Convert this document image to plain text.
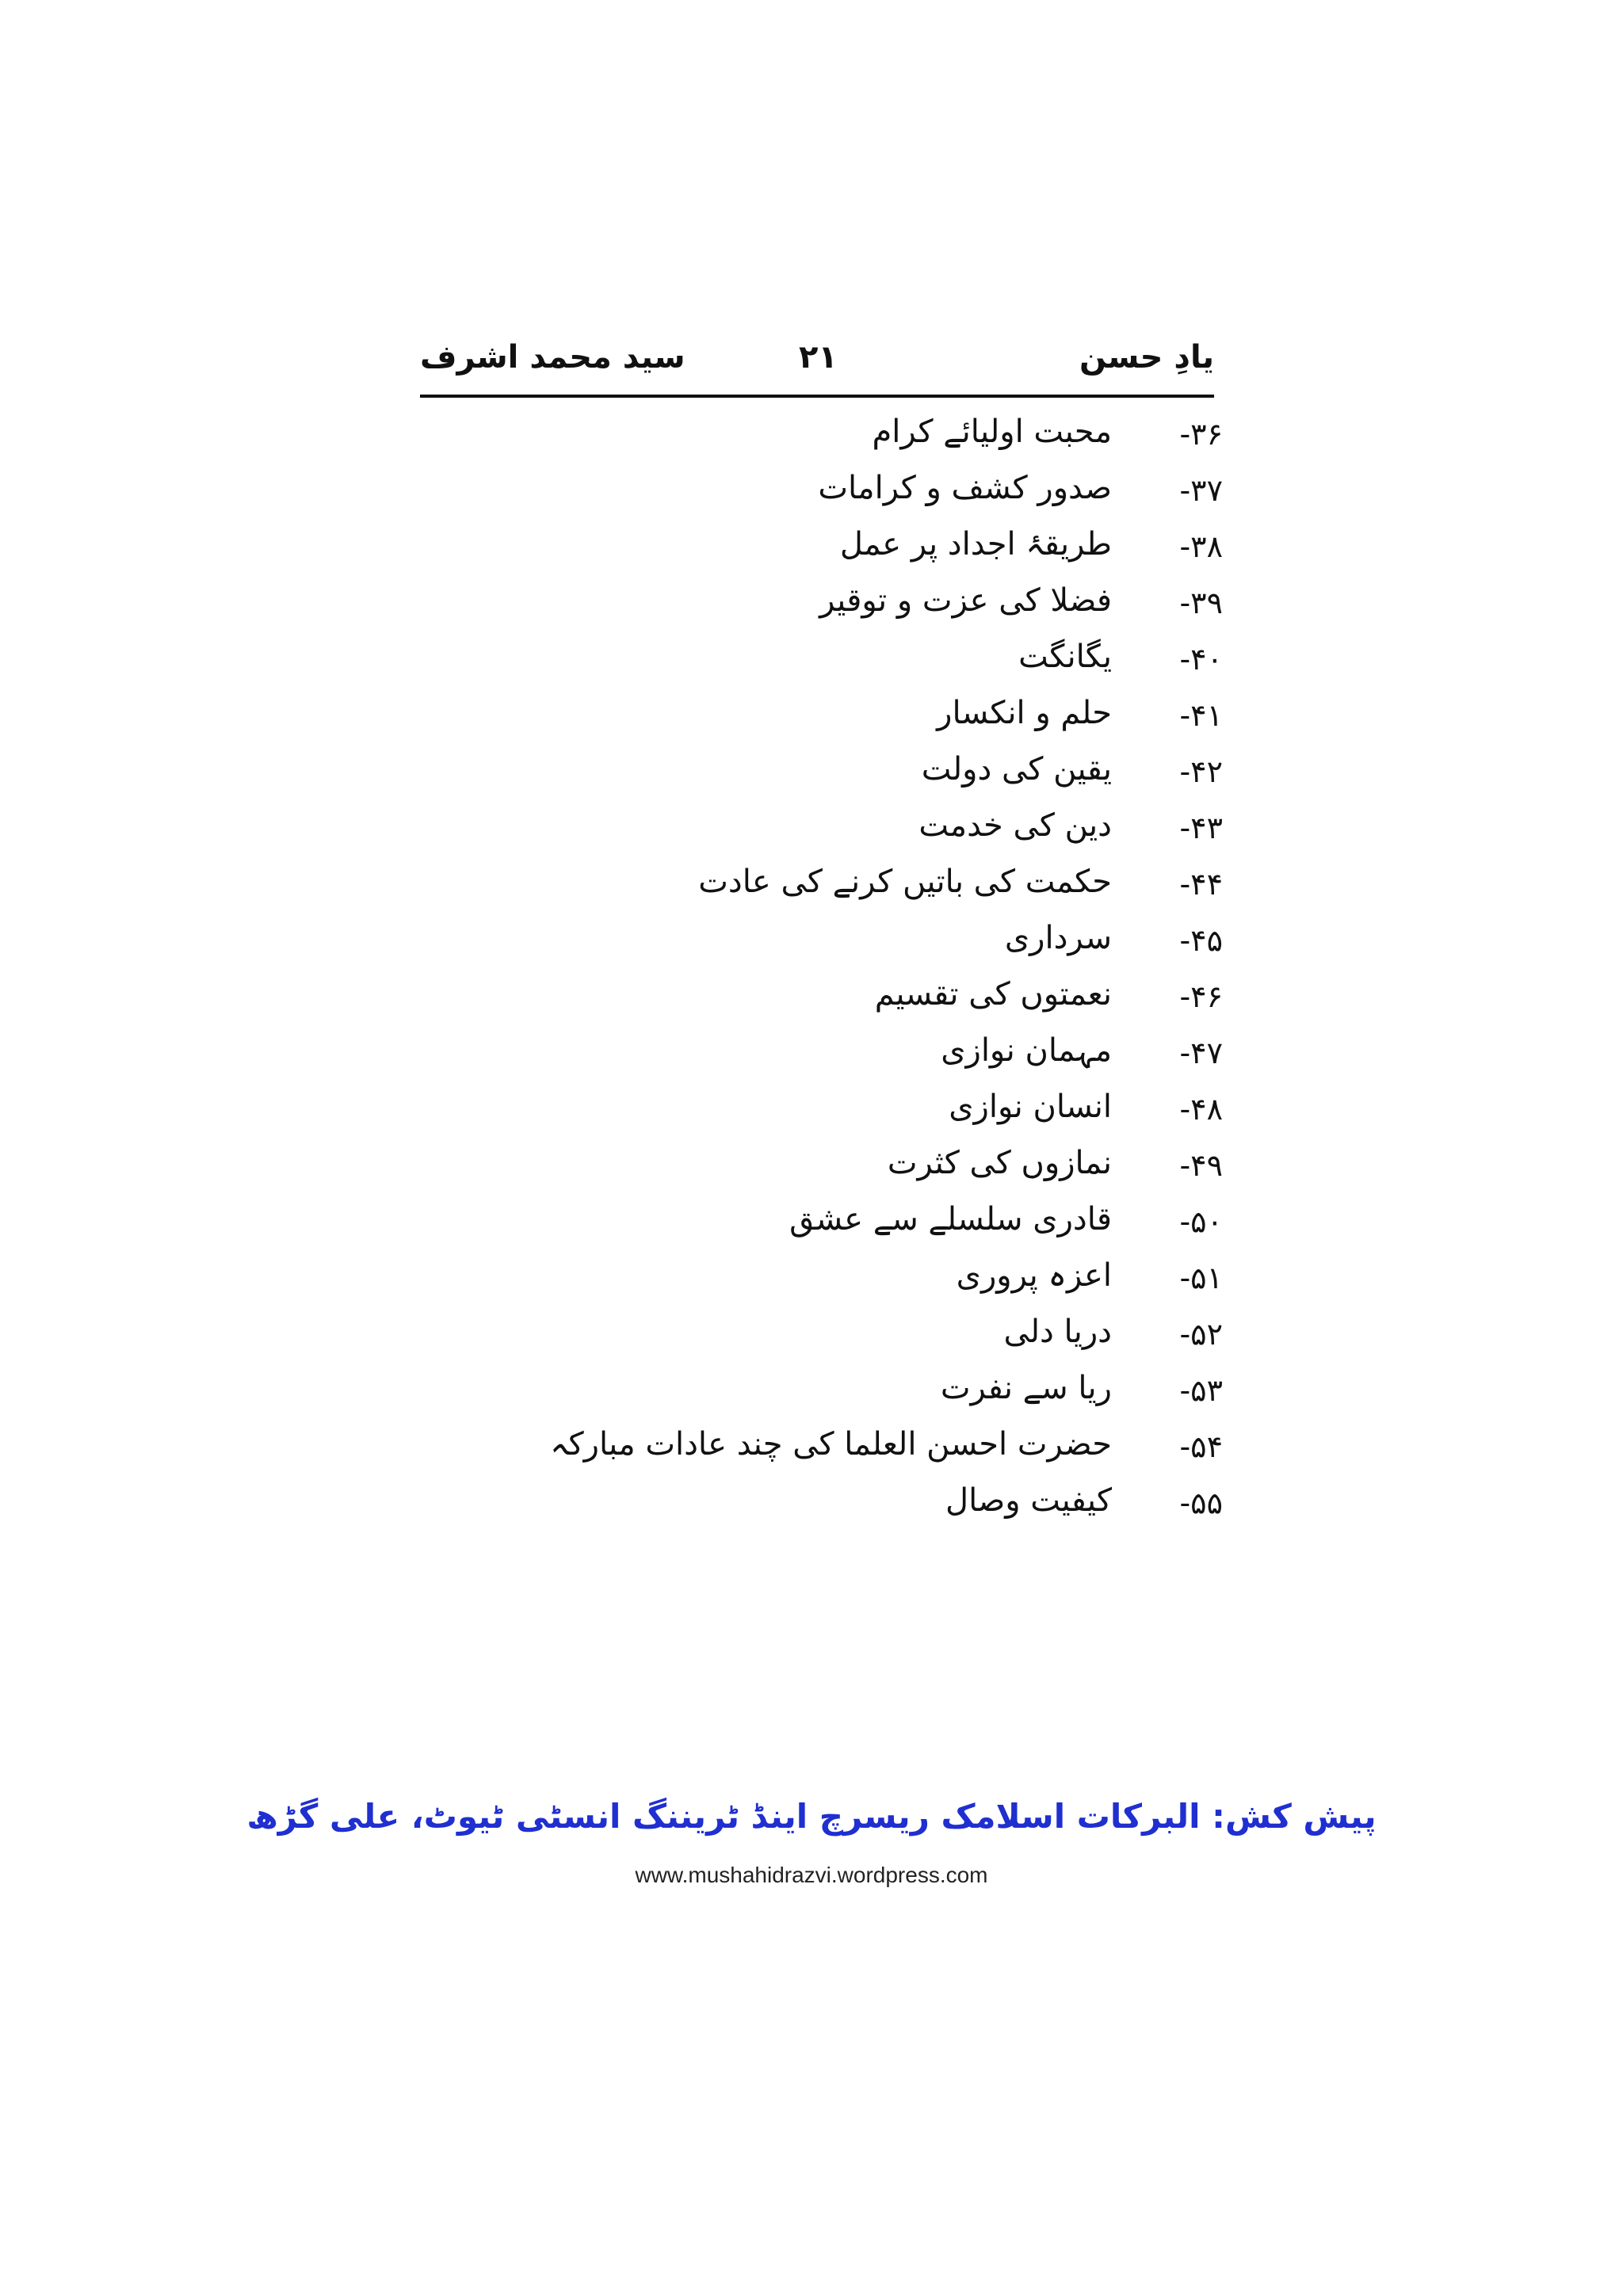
یادِ حسن
۲۱
سید محمد اشرف
۳۶-
محبت اولیائے کرام
۳۷-
صدور کشف و کرامات
۳۸-
طریقۂ اجداد پر عمل
۳۹-
فضلا کی عزت و توقیر
۴۰-
یگانگت
۴۱-
حلم و انکسار
۴۲-
یقین کی دولت
۴۳-
دین کی خدمت
۴۴-
حکمت کی باتیں کرنے کی عادت
۴۵-
سرداری
۴۶-
نعمتوں کی تقسیم
۴۷-
مہمان نوازی
۴۸-
انسان نوازی
۴۹-
نمازوں کی کثرت
۵۰-
قادری سلسلے سے عشق
۵۱-
اعزہ پروری
۵۲-
دریا دلی
۵۳-
ریا سے نفرت
۵۴-
حضرت احسن العلما کی چند عادات مبارکہ
۵۵-
کیفیت وصال
پیش کش: البرکات اسلامک ریسرچ اینڈ ٹریننگ انسٹی ٹیوٹ، علی گڑھ
www.mushahidrazvi.wordpress.com
